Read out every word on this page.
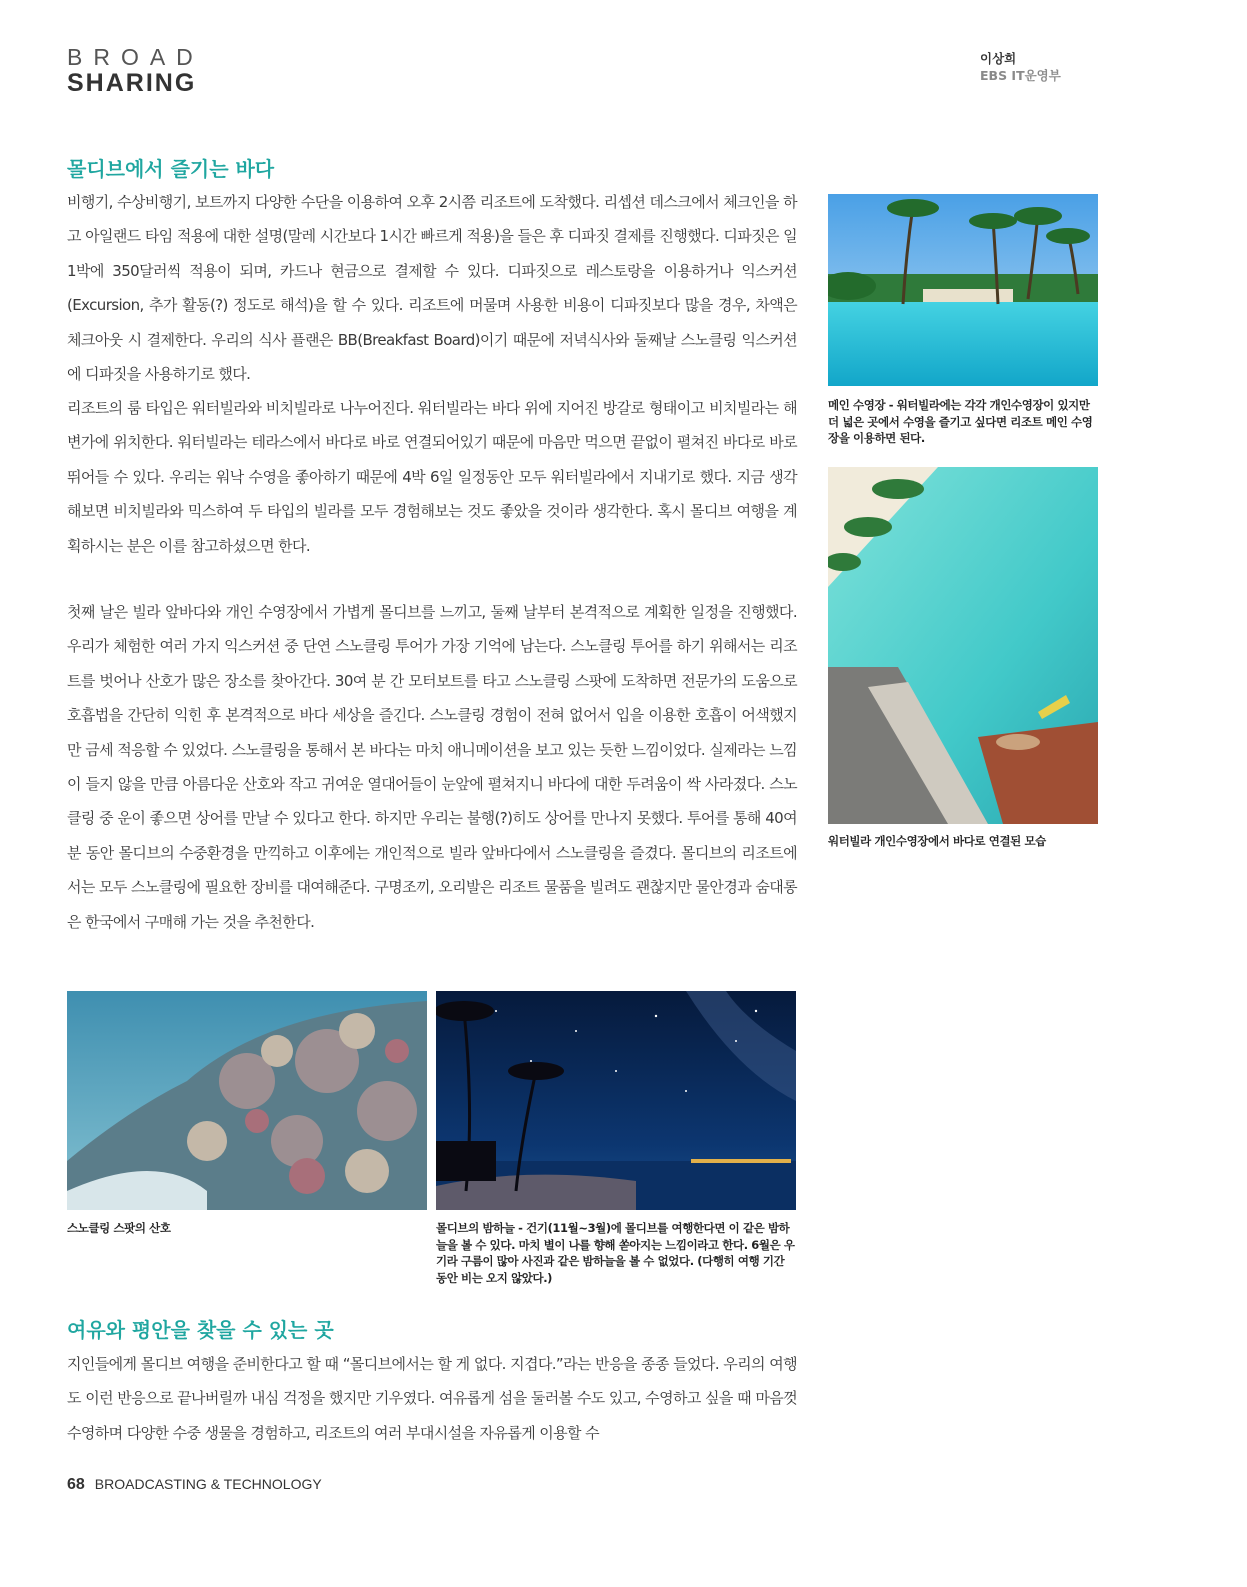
BROAD
SHARING
이상희
EBS IT운영부
몰디브에서 즐기는 바다

비행기, 수상비행기, 보트까지 다양한 수단을 이용하여 오후 2시쯤 리조트에 도착했다. 리셉션 데스크에서 체크인을 하고 아일랜드 타임 적용에 대한 설명(말레 시간보다 1시간 빠르게 적용)을 들은 후 디파짓 결제를 진행했다. 디파짓은 일 1박에 350달러씩 적용이 되며, 카드나 현금으로 결제할 수 있다. 디파짓으로 레스토랑을 이용하거나 익스커션(Excursion, 추가 활동(?) 정도로 해석)을 할 수 있다. 리조트에 머물며 사용한 비용이 디파짓보다 많을 경우, 차액은 체크아웃 시 결제한다. 우리의 식사 플랜은 BB(Breakfast Board)이기 때문에 저녁식사와 둘째날 스노클링 익스커션에 디파짓을 사용하기로 했다.

리조트의 룸 타입은 워터빌라와 비치빌라로 나누어진다. 워터빌라는 바다 위에 지어진 방갈로 형태이고 비치빌라는 해변가에 위치한다. 워터빌라는 테라스에서 바다로 바로 연결되어있기 때문에 마음만 먹으면 끝없이 펼쳐진 바다로 바로 뛰어들 수 있다. 우리는 워낙 수영을 좋아하기 때문에 4박 6일 일정동안 모두 워터빌라에서 지내기로 했다. 지금 생각해보면 비치빌라와 믹스하여 두 타입의 빌라를 모두 경험해보는 것도 좋았을 것이라 생각한다. 혹시 몰디브 여행을 계획하시는 분은 이를 참고하셨으면 한다.

첫째 날은 빌라 앞바다와 개인 수영장에서 가볍게 몰디브를 느끼고, 둘째 날부터 본격적으로 계획한 일정을 진행했다. 우리가 체험한 여러 가지 익스커션 중 단연 스노클링 투어가 가장 기억에 남는다. 스노클링 투어를 하기 위해서는 리조트를 벗어나 산호가 많은 장소를 찾아간다. 30여 분 간 모터보트를 타고 스노클링 스팟에 도착하면 전문가의 도움으로 호흡법을 간단히 익힌 후 본격적으로 바다 세상을 즐긴다. 스노클링 경험이 전혀 없어서 입을 이용한 호흡이 어색했지만 금세 적응할 수 있었다. 스노클링을 통해서 본 바다는 마치 애니메이션을 보고 있는 듯한 느낌이었다. 실제라는 느낌이 들지 않을 만큼 아름다운 산호와 작고 귀여운 열대어들이 눈앞에 펼쳐지니 바다에 대한 두려움이 싹 사라졌다. 스노클링 중 운이 좋으면 상어를 만날 수 있다고 한다. 하지만 우리는 불행(?)히도 상어를 만나지 못했다. 투어를 통해 40여 분 동안 몰디브의 수중환경을 만끽하고 이후에는 개인적으로 빌라 앞바다에서 스노클링을 즐겼다. 몰디브의 리조트에서는 모두 스노클링에 필요한 장비를 대여해준다. 구명조끼, 오리발은 리조트 물품을 빌려도 괜찮지만 물안경과 숨대롱은 한국에서 구매해 가는 것을 추천한다.

메인 수영장 - 워터빌라에는 각각 개인수영장이 있지만 더 넓은 곳에서 수영을 즐기고 싶다면 리조트 메인 수영장을 이용하면 된다.

워터빌라 개인수영장에서 바다로 연결된 모습

스노클링 스팟의 산호	몰디브의 밤하늘 - 건기(11월~3월)에 몰디브를 여행한다면 이 같은 밤하늘을 볼 수 있다. 마치 별이 나를 향해 쏟아지는 느낌이라고 한다. 6월은 우기라 구름이 많아 사진과 같은 밤하늘을 볼 수 없었다. (다행히 여행 기간 동안 비는 오지 않았다.)

여유와 평안을 찾을 수 있는 곳

지인들에게 몰디브 여행을 준비한다고 할 때 “몰디브에서는 할 게 없다. 지겹다.”라는 반응을 종종 들었다. 우리의 여행도 이런 반응으로 끝나버릴까 내심 걱정을 했지만 기우였다. 여유롭게 섬을 둘러볼 수도 있고, 수영하고 싶을 때 마음껏 수영하며 다양한 수중 생물을 경험하고, 리조트의 여러 부대시설을 자유롭게 이용할 수

68 BROADCASTING & TECHNOLOGY
